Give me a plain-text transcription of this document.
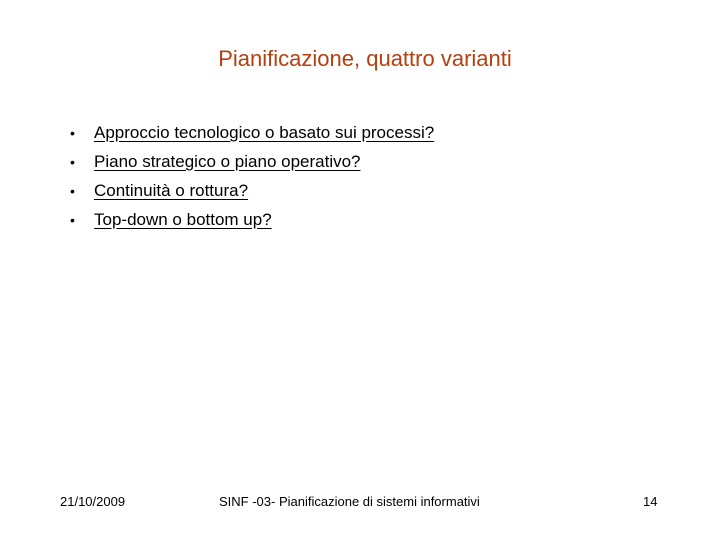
Pianificazione, quattro varianti
•	Approccio tecnologico o basato sui processi?
•	Piano strategico o piano operativo?
•	Continuità o rottura?
•	Top-down o bottom up?
21/10/2009	SINF -03- Pianificazione di sistemi informativi	14
